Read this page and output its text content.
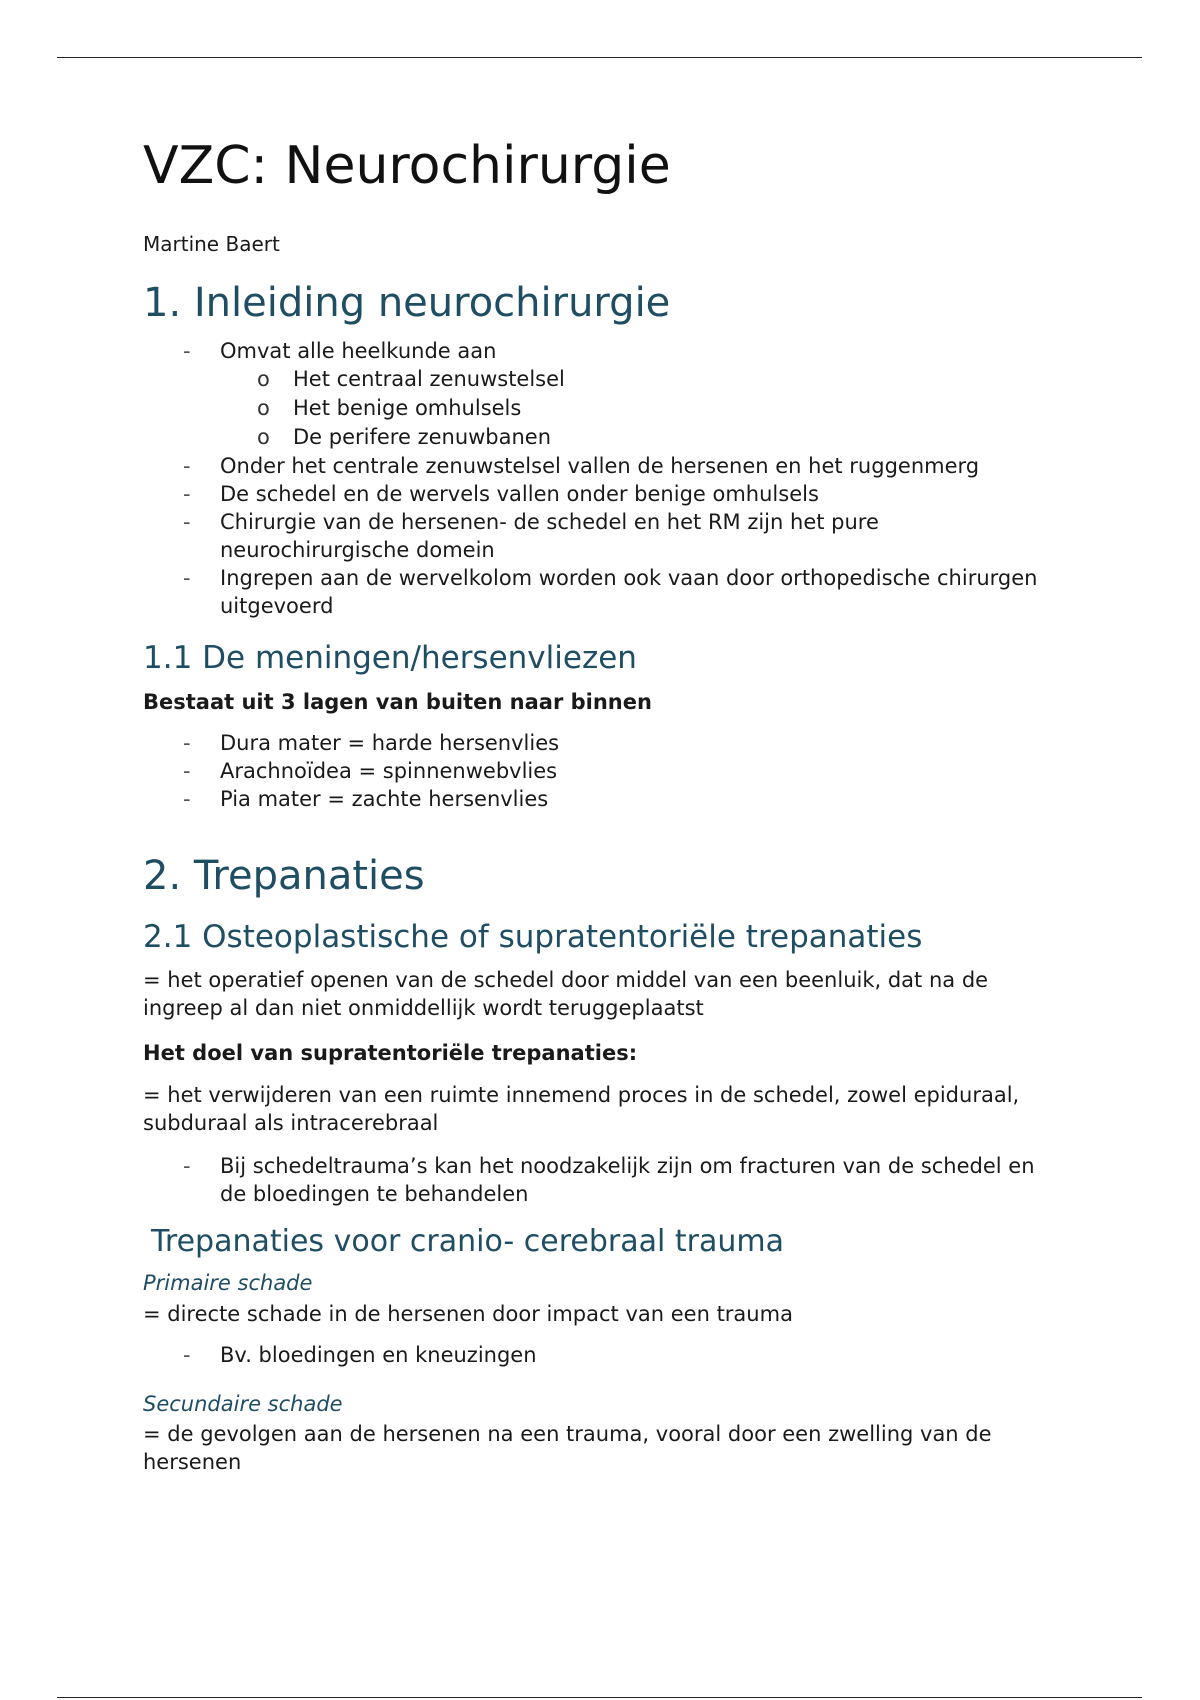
VZC: Neurochirurgie

Martine Baert

1. Inleiding neurochirurgie
- Omvat alle heelkunde aan
o Het centraal zenuwstelsel
o Het benige omhulsels
o De perifere zenuwbanen
- Onder het centrale zenuwstelsel vallen de hersenen en het ruggenmerg
- De schedel en de wervels vallen onder benige omhulsels
- Chirurgie van de hersenen- de schedel en het RM zijn het pure neurochirurgische domein
- Ingrepen aan de wervelkolom worden ook vaan door orthopedische chirurgen uitgevoerd
1.1 De meningen/hersenvliezen

Bestaat uit 3 lagen van buiten naar binnen

- Dura mater = harde hersenvlies
- Arachnoïdea = spinnenwebvlies
- Pia mater = zachte hersenvlies
2. Trepanaties
2.1 Osteoplastische of supratentoriële trepanaties

= het operatief openen van de schedel door middel van een beenluik, dat na de ingreep al dan niet onmiddellijk wordt teruggeplaatst

Het doel van supratentoriële trepanaties:

= het verwijderen van een ruimte innemend proces in de schedel, zowel epiduraal, subduraal als intracerebraal

- Bij schedeltrauma’s kan het noodzakelijk zijn om fracturen van de schedel en de bloedingen te behandelen
Trepanaties voor cranio- cerebraal trauma

Primaire schade

= directe schade in de hersenen door impact van een trauma

- Bv. bloedingen en kneuzingen

Secundaire schade

= de gevolgen aan de hersenen na een trauma, vooral door een zwelling van de hersenen
